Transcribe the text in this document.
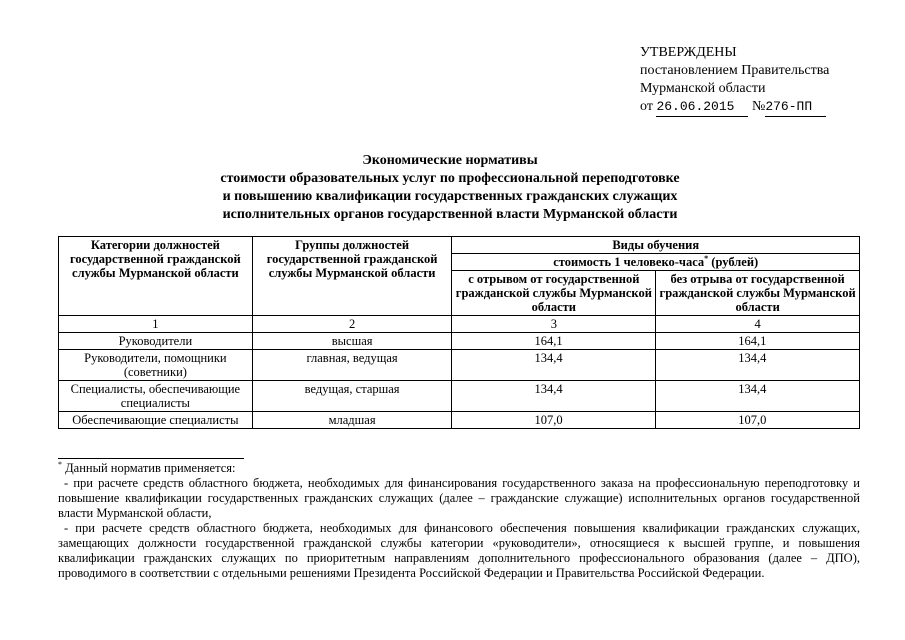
УТВЕРЖДЕНЫ
постановлением Правительства
Мурманской области
от 26.06.2015 №276-ПП
Экономические нормативы
стоимости образовательных услуг по профессиональной переподготовке
и повышению квалификации государственных гражданских служащих
исполнительных органов государственной власти Мурманской области
Категории должностей государственной гражданской службы Мурманской области	Группы должностей государственной гражданской службы Мурманской области	Виды обучения	
		стоимость 1 человеко-часа* (рублей)	
		с отрывом от государственной гражданской службы Мурманской области	без отрыва от государственной гражданской службы Мурманской области
1	2	3	4
Руководители	высшая	164,1	164,1
Руководители, помощники (советники)	главная, ведущая	134,4	134,4
Специалисты, обеспечивающие специалисты	ведущая, старшая	134,4	134,4
Обеспечивающие специалисты	младшая	107,0	107,0

* Данный норматив применяется:

- при расчете средств областного бюджета, необходимых для финансирования государственного заказа на профессиональную переподготовку и повышение квалификации государственных гражданских служащих (далее – гражданские служащие) исполнительных органов государственной власти Мурманской области,

- при расчете средств областного бюджета, необходимых для финансового обеспечения повышения квалификации гражданских служащих, замещающих должности государственной гражданской службы категории «руководители», относящиеся к высшей группе, и повышения квалификации гражданских служащих по приоритетным направлениям дополнительного профессионального образования (далее – ДПО), проводимого в соответствии с отдельными решениями Президента Российской Федерации и Правительства Российской Федерации.
